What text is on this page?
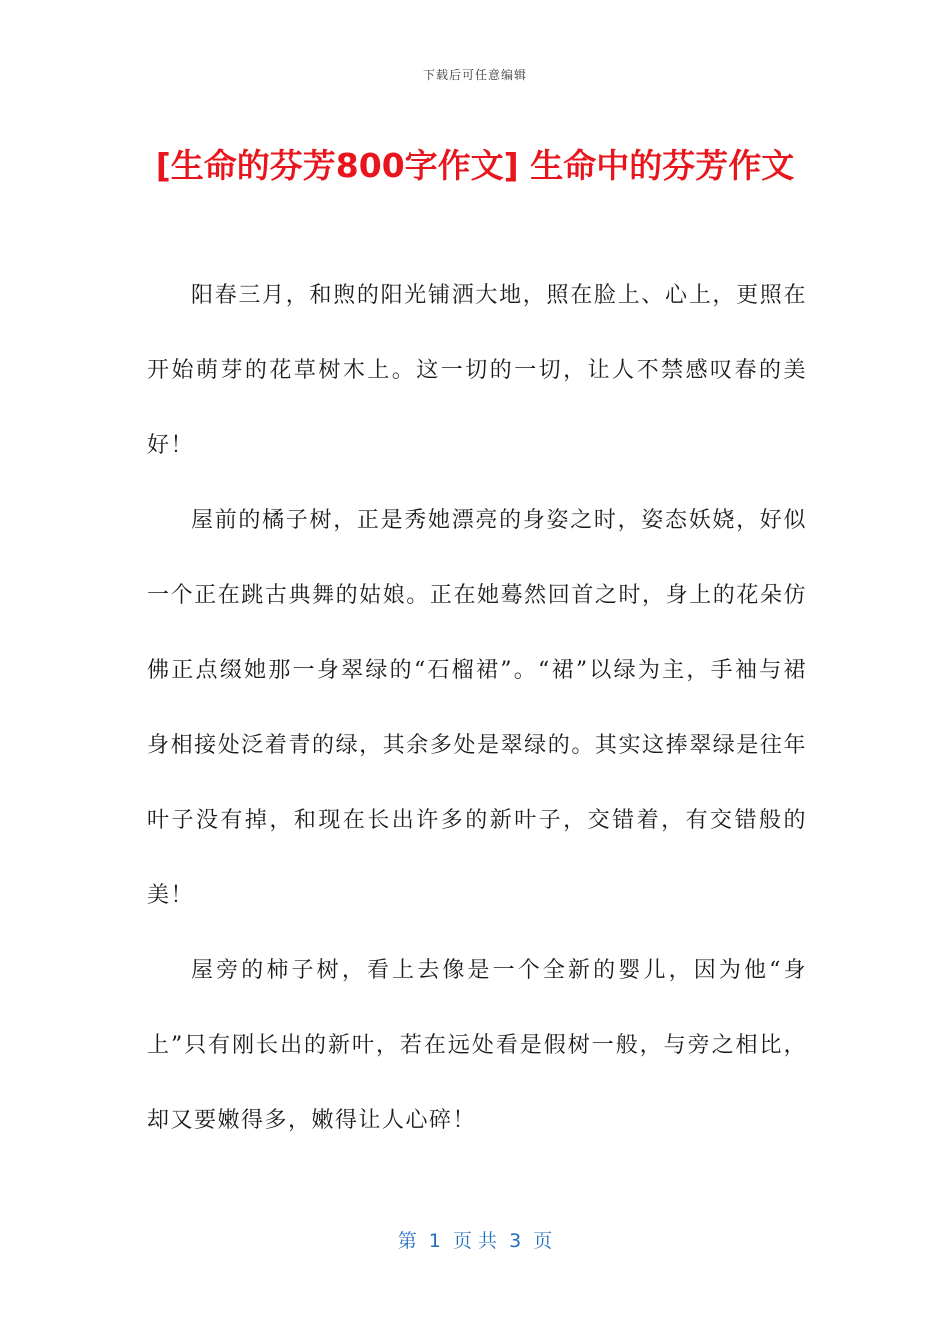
下载后可任意编辑
[生命的芬芳800字作文] 生命中的芬芳作文

阳春三月，和煦的阳光铺洒大地，照在脸上、心上，更照在开始萌芽的花草树木上。这一切的一切，让人不禁感叹春的美好！

屋前的橘子树，正是秀她漂亮的身姿之时，姿态妖娆，好似一个正在跳古典舞的姑娘。正在她蓦然回首之时，身上的花朵仿佛正点缀她那一身翠绿的“石榴裙”。“裙”以绿为主，手袖与裙身相接处泛着青的绿，其余多处是翠绿的。其实这捧翠绿是往年叶子没有掉，和现在长出许多的新叶子，交错着，有交错般的美！

屋旁的柿子树，看上去像是一个全新的婴儿，因为他“身上”只有刚长出的新叶，若在远处看是假树一般，与旁之相比，却又要嫩得多，嫩得让人心碎！

第  1  页 共  3  页
